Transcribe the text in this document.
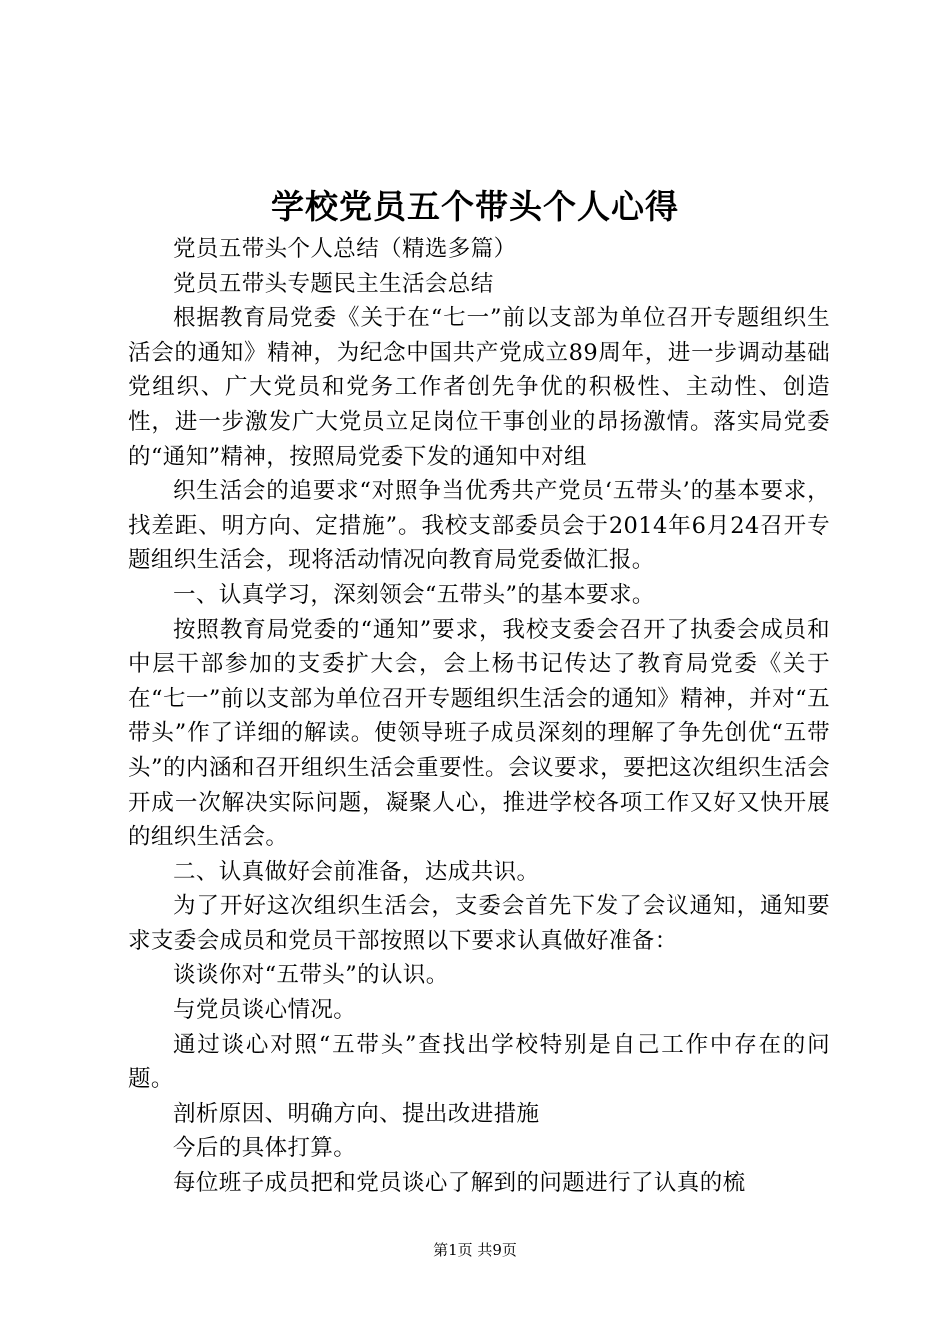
学校党员五个带头个人心得

党员五带头个人总结（精选多篇）

党员五带头专题民主生活会总结

根据教育局党委《关于在“七一”前以支部为单位召开专题组织生活会的通知》精神，为纪念中国共产党成立89周年，进一步调动基础党组织、广大党员和党务工作者创先争优的积极性、主动性、创造性，进一步激发广大党员立足岗位干事创业的昂扬激情。落实局党委的“通知”精神，按照局党委下发的通知中对组

织生活会的追要求“对照争当优秀共产党员‘五带头’的基本要求，找差距、明方向、定措施”。我校支部委员会于2014年6月24召开专题组织生活会，现将活动情况向教育局党委做汇报。

一、认真学习，深刻领会“五带头”的基本要求。

按照教育局党委的“通知”要求，我校支委会召开了执委会成员和中层干部参加的支委扩大会，会上杨书记传达了教育局党委《关于在“七一”前以支部为单位召开专题组织生活会的通知》精神，并对“五带头”作了详细的解读。使领导班子成员深刻的理解了争先创优“五带头”的内涵和召开组织生活会重要性。会议要求，要把这次组织生活会开成一次解决实际问题，凝聚人心，推进学校各项工作又好又快开展的组织生活会。

二、认真做好会前准备，达成共识。

为了开好这次组织生活会，支委会首先下发了会议通知，通知要求支委会成员和党员干部按照以下要求认真做好准备：

谈谈你对“五带头”的认识。

与党员谈心情况。

通过谈心对照“五带头”查找出学校特别是自己工作中存在的问题。

剖析原因、明确方向、提出改进措施

今后的具体打算。

每位班子成员把和党员谈心了解到的问题进行了认真的梳

第1页 共9页
